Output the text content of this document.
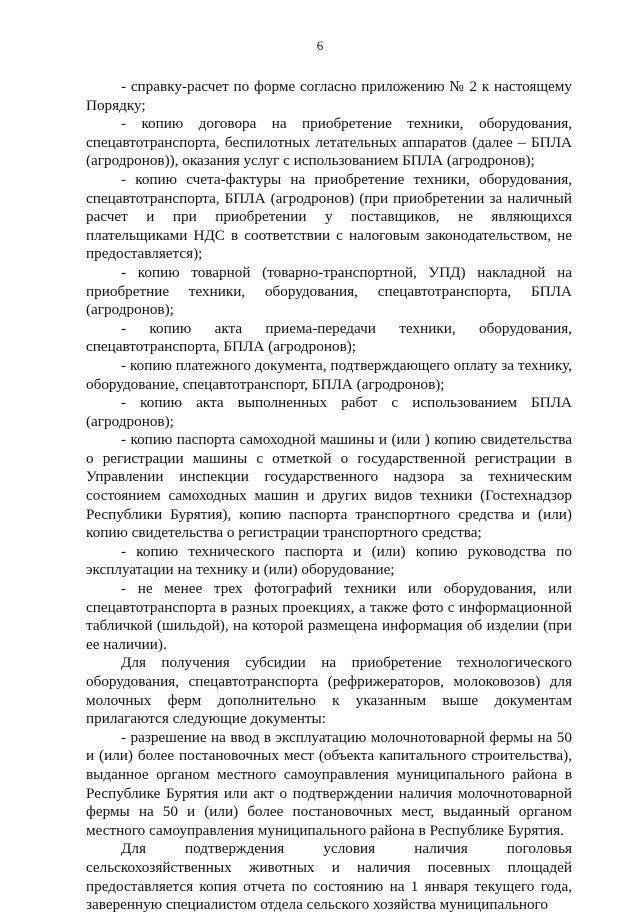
6

- справку-расчет по форме согласно приложению № 2 к настоящему Порядку;

- копию договора на приобретение техники, оборудования, спецавтотранспорта, беспилотных летательных аппаратов (далее – БПЛА (агродронов)), оказания услуг с использованием БПЛА (агродронов);

- копию счета-фактуры на приобретение техники, оборудования, спецавтотранспорта, БПЛА (агродронов) (при приобретении за наличный расчет и при приобретении у поставщиков, не являющихся плательщиками НДС в соответствии с налоговым законодательством, не предоставляется);

- копию товарной (товарно-транспортной, УПД) накладной на приобретние техники, оборудования, спецавтотранспорта, БПЛА (агродронов);

- копию акта приема-передачи техники, оборудования, спецавтотранспорта, БПЛА (агродронов);

- копию платежного документа, подтверждающего оплату за технику, оборудование, спецавтотранспорт, БПЛА (агродронов);

- копию акта выполненных работ с использованием БПЛА (агродронов);

- копию паспорта самоходной машины и (или ) копию свидетельства о регистрации машины с отметкой о государственной регистрации в Управлении инспекции государственного надзора за техническим состоянием самоходных машин и других видов техники (Гостехнадзор Республики Бурятия), копию паспорта транспортного средства и (или) копию свидетельства о регистрации транспортного средства;

- копию технического паспорта и (или) копию руководства по эксплуатации на технику и (или) оборудование;

- не менее трех фотографий техники или оборудования, или спецавтотранспорта в разных проекциях, а также фото с информационной табличкой (шильдой), на которой размещена информация об изделии (при ее наличии).

Для получения субсидии на приобретение технологического оборудования, спецавтотранспорта (рефрижераторов, молоковозов) для молочных ферм дополнительно к указанным выше документам прилагаются следующие документы:

- разрешение на ввод в эксплуатацию молочнотоварной фермы на 50 и (или) более постановочных мест (объекта капитального строительства), выданное органом местного самоуправления муниципального района в Республике Бурятия или акт о подтверждении наличия молочнотоварной фермы на 50 и (или) более постановочных мест, выданный органом местного самоуправления муниципального района в Республике Бурятия.

Для подтверждения условия наличия поголовья сельскохозяйственных животных и наличия посевных площадей предоставляется копия отчета по состоянию на 1 января текущего года, заверенную специалистом отдела сельского хозяйства муниципального
